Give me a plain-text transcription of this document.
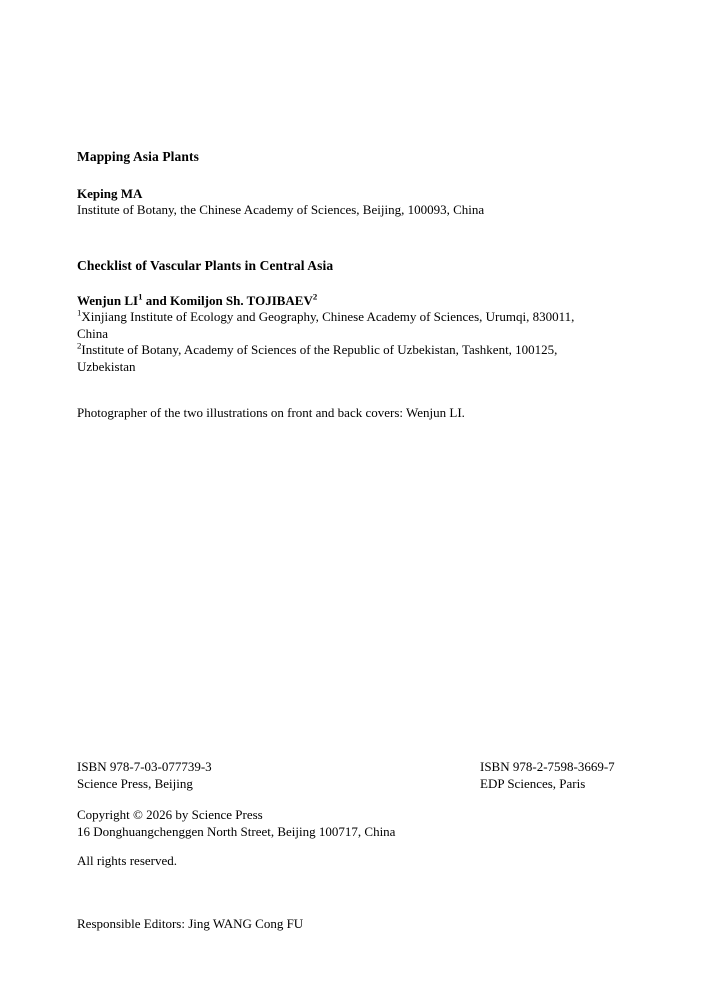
Mapping Asia Plants
Keping MA
Institute of Botany, the Chinese Academy of Sciences, Beijing, 100093, China
Checklist of Vascular Plants in Central Asia
Wenjun $LI^1$ and Komiljon Sh. TOJIBAEV$^2$
$^1$Xinjiang Institute of Ecology and Geography, Chinese Academy of Sciences, Urumqi, 830011,
China
$^2$Institute of Botany, Academy of Sciences of the Republic of Uzbekistan, Tashkent, 100125,
Uzbekistan
Photographer of the two illustrations on front and back covers: Wenjun LI.
ISBN 978-7-03-077739-3
Science Press, Beijing
ISBN 978-2-7598-3669-7
EDP Sciences, Paris
Copyright © 2026 by Science Press
16 Donghuangchenggen North Street, Beijing 100717, China
All rights reserved.
Responsible Editors: Jing WANG Cong FU
